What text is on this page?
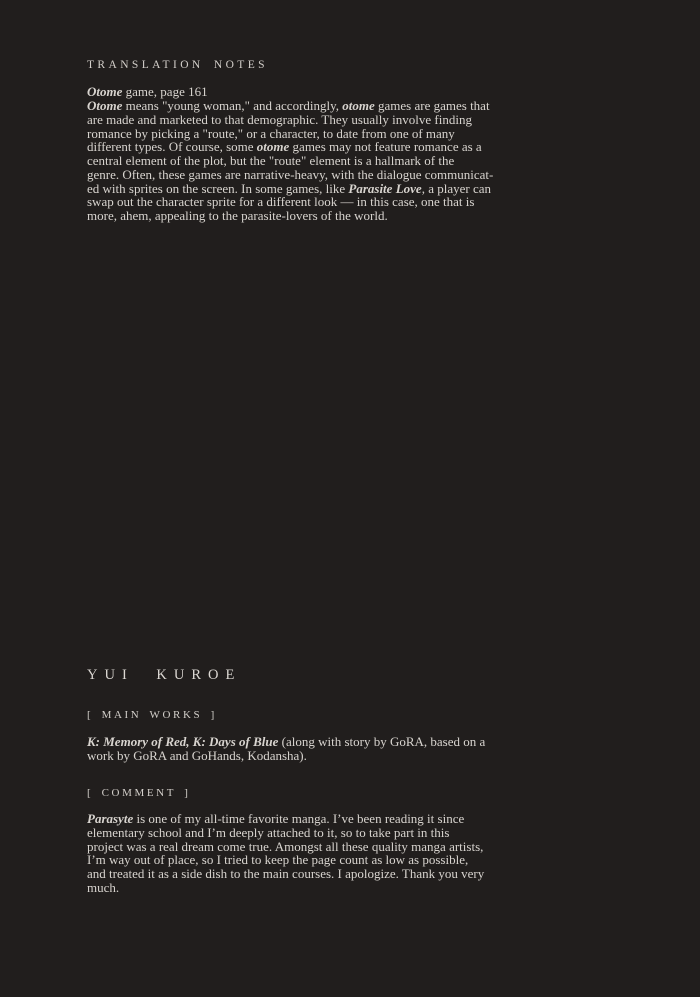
TRANSLATION NOTES
Otome game, page 161
Otome means "young woman," and accordingly, otome games are games that
are made and marketed to that demographic. They usually involve finding
romance by picking a "route," or a character, to date from one of many
different types. Of course, some otome games may not feature romance as a
central element of the plot, but the "route" element is a hallmark of the
genre. Often, these games are narrative-heavy, with the dialogue communicat-
ed with sprites on the screen. In some games, like Parasite Love, a player can
swap out the character sprite for a different look — in this case, one that is
more, ahem, appealing to the parasite-lovers of the world.
YUI KUROE
[ MAIN WORKS ]
K: Memory of Red, K: Days of Blue (along with story by GoRA, based on a
work by GoRA and GoHands, Kodansha).
[ COMMENT ]
Parasyte is one of my all-time favorite manga. I’ve been reading it since
elementary school and I’m deeply attached to it, so to take part in this
project was a real dream come true. Amongst all these quality manga artists,
I’m way out of place, so I tried to keep the page count as low as possible,
and treated it as a side dish to the main courses. I apologize. Thank you very
much.
